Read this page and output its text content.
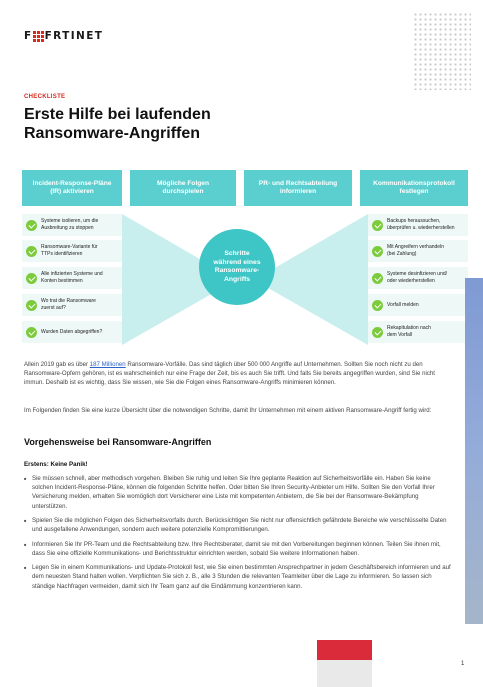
F FRTINET
CHECKLISTE
Erste Hilfe bei laufenden
Ransomware-Angriffen
Incident-Response-Pläne
(IR) aktivieren
Mögliche Folgen
durchspielen
PR- und Rechtsabteilung
informieren
Kommunikationsprotokoll
festlegen
Systeme isolieren, um die
Ausbreitung zu stoppen
Ransomware-Variante für
TTPs identifizieren
Alle infizierten Systeme und
Konten bestimmen
Wo trat die Ransomware
zuerst auf?
Wurden Daten abgegriffen?
Schritte
während eines
Ransomware-
Angriffs
Backups heraussuchen,
überprüfen u. wiederherstellen
Mit Angreifern verhandeln
(bei Zahlung)
Systeme desinfizieren und/
oder wiederherstellen
Vorfall melden
Rekapitulation nach
dem Vorfall

Allein 2019 gab es über 187 Millionen Ransomware-Vorfälle. Das sind täglich über 500 000 Angriffe auf Unternehmen. Sollten Sie noch nicht zu den Ransomware-Opfern gehören, ist es wahrscheinlich nur eine Frage der Zeit, bis es auch Sie trifft. Und falls Sie bereits angegriffen wurden, sind Sie nicht immun. Deshalb ist es wichtig, dass Sie wissen, wie Sie die Folgen eines Ransomware-Angriffs minimieren können.

Im Folgenden finden Sie eine kurze Übersicht über die notwendigen Schritte, damit Ihr Unternehmen mit einem aktiven Ransomware-Angriff fertig wird:

Vorgehensweise bei Ransomware-Angriffen
Erstens: Keine Panik!
■ Sie müssen schnell, aber methodisch vorgehen. Bleiben Sie ruhig und leiten Sie Ihre geplante Reaktion auf Sicherheitsvorfälle ein. Haben Sie keine solchen Incident-Response-Pläne, können die folgenden Schritte helfen. Oder bitten Sie Ihren Security-Anbieter um Hilfe. Sollten Sie den Vorfall Ihrer Versicherung melden, erhalten Sie womöglich dort Versicherer eine Liste mit kompetenten Anbietern, die Sie bei der Ransomware-Bekämpfung unterstützen.
■ Spielen Sie die möglichen Folgen des Sicherheitsvorfalls durch. Berücksichtigen Sie nicht nur offensichtlich gefährdete Bereiche wie verschlüsselte Daten und ausgefallene Anwendungen, sondern auch weitere potenzielle Kompromittierungen.
■ Informieren Sie Ihr PR-Team und die Rechtsabteilung bzw. Ihre Rechtsberater, damit sie mit den Vorbereitungen beginnen können. Teilen Sie ihnen mit, dass Sie eine offizielle Kommunikations- und Berichtsstruktur einrichten werden, sobald Sie weitere Informationen haben.
■ Legen Sie in einem Kommunikations- und Update-Protokoll fest, wie Sie einen bestimmten Ansprechpartner in jedem Geschäftsbereich informieren und auf dem neuesten Stand halten wollen. Verpflichten Sie sich z. B., alle 3 Stunden die relevanten Teamleiter über die Lage zu informieren. So lassen sich ständige Nachfragen vermeiden, damit sich Ihr Team ganz auf die Eindämmung konzentrieren kann.
1
